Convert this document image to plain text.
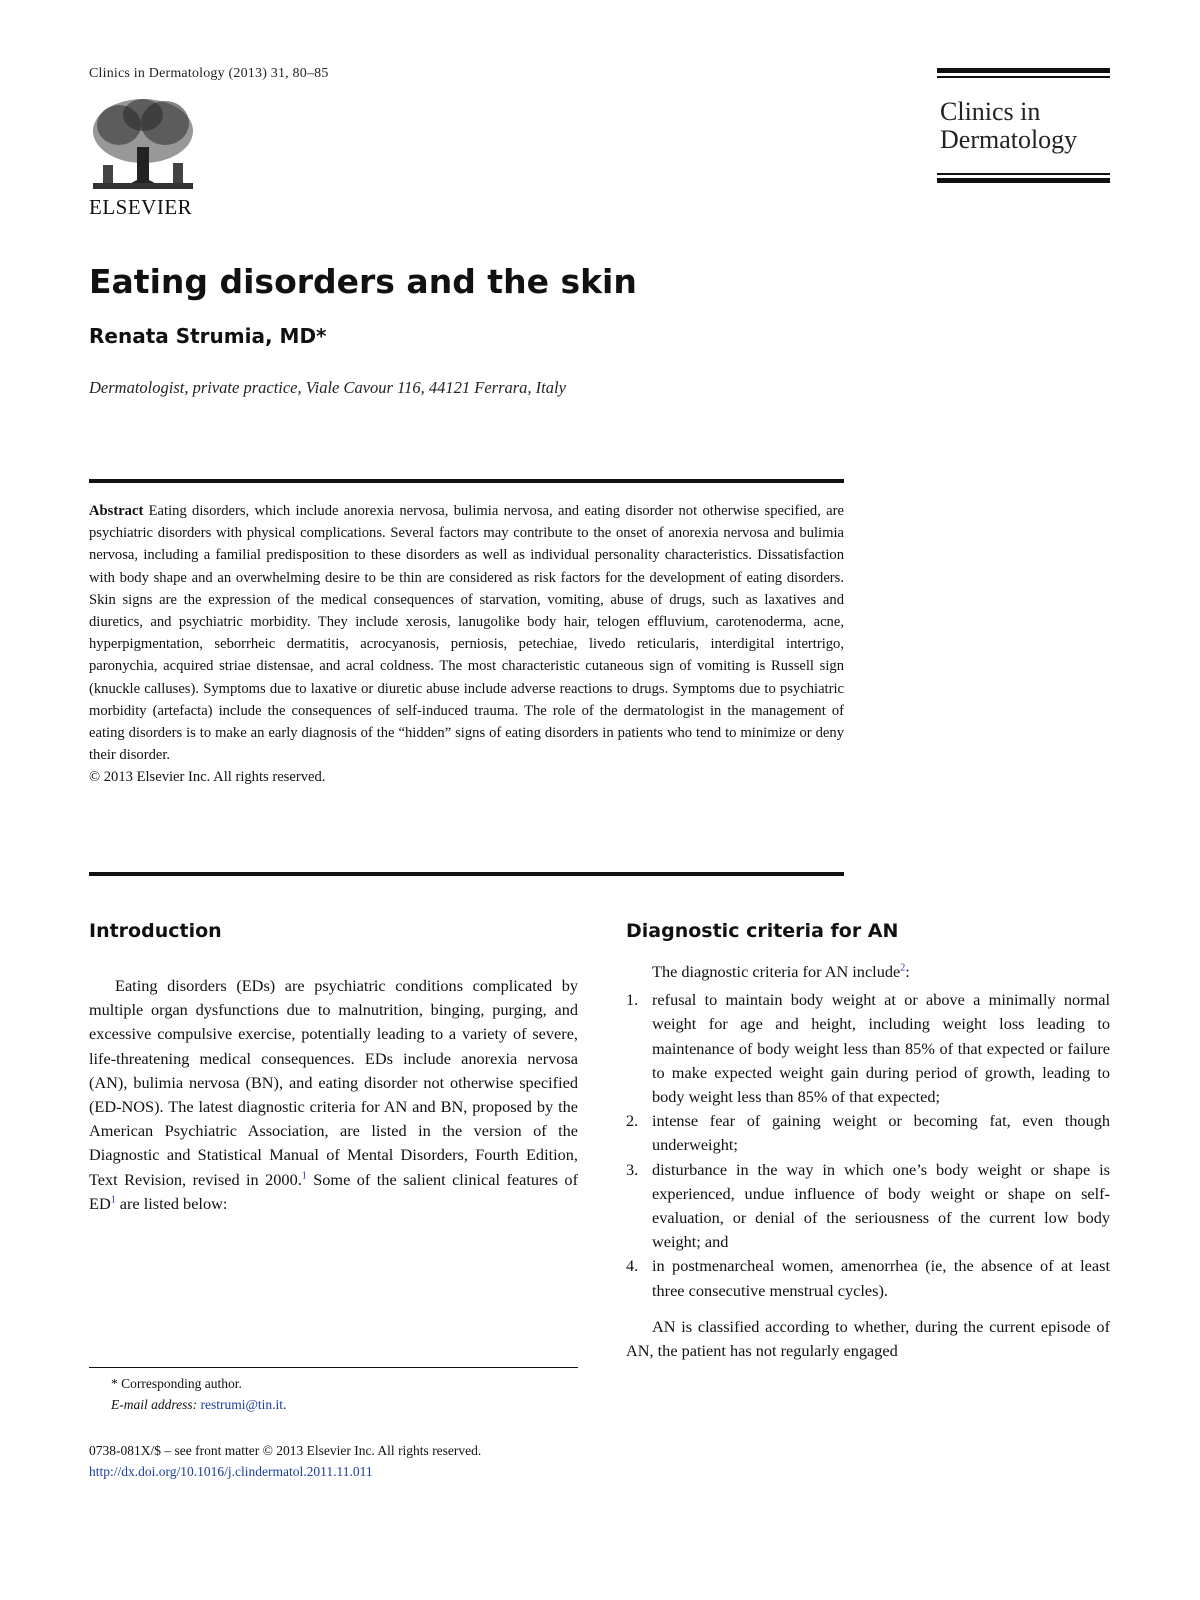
Clinics in Dermatology (2013) 31, 80–85
ELSEVIER
Clinics in
Dermatology
Eating disorders and the skin
Renata Strumia, MD*
Dermatologist, private practice, Viale Cavour 116, 44121 Ferrara, Italy
Abstract Eating disorders, which include anorexia nervosa, bulimia nervosa, and eating disorder not otherwise specified, are psychiatric disorders with physical complications. Several factors may contribute to the onset of anorexia nervosa and bulimia nervosa, including a familial predisposition to these disorders as well as individual personality characteristics. Dissatisfaction with body shape and an overwhelming desire to be thin are considered as risk factors for the development of eating disorders. Skin signs are the expression of the medical consequences of starvation, vomiting, abuse of drugs, such as laxatives and diuretics, and psychiatric morbidity. They include xerosis, lanugolike body hair, telogen effluvium, carotenoderma, acne, hyperpigmentation, seborrheic dermatitis, acrocyanosis, perniosis, petechiae, livedo reticularis, interdigital intertrigo, paronychia, acquired striae distensae, and acral coldness. The most characteristic cutaneous sign of vomiting is Russell sign (knuckle calluses). Symptoms due to laxative or diuretic abuse include adverse reactions to drugs. Symptoms due to psychiatric morbidity (artefacta) include the consequences of self-induced trauma. The role of the dermatologist in the management of eating disorders is to make an early diagnosis of the “hidden” signs of eating disorders in patients who tend to minimize or deny their disorder.
© 2013 Elsevier Inc. All rights reserved.
Introduction

Eating disorders (EDs) are psychiatric conditions complicated by multiple organ dysfunctions due to malnutrition, binging, purging, and excessive compulsive exercise, potentially leading to a variety of severe, life-threatening medical consequences. EDs include anorexia nervosa (AN), bulimia nervosa (BN), and eating disorder not otherwise specified (ED-NOS). The latest diagnostic criteria for AN and BN, proposed by the American Psychiatric Association, are listed in the version of the Diagnostic and Statistical Manual of Mental Disorders, Fourth Edition, Text Revision, revised in 2000.$^1$ Some of the salient clinical features of $ED^1$ are listed below:

Diagnostic criteria for AN

The diagnostic criteria for AN include$^2$:

1. refusal to maintain body weight at or above a minimally normal weight for age and height, including weight loss leading to maintenance of body weight less than 85% of that expected or failure to make expected weight gain during period of growth, leading to body weight less than 85% of that expected;
2. intense fear of gaining weight or becoming fat, even though underweight;
3. disturbance in the way in which one’s body weight or shape is experienced, undue influence of body weight or shape on self-evaluation, or denial of the seriousness of the current low body weight; and
4. in postmenarcheal women, amenorrhea (ie, the absence of at least three consecutive menstrual cycles).

AN is classified according to whether, during the current episode of AN, the patient has not regularly engaged

* Corresponding author.
E-mail address: restrumi@tin.it.
0738-081X/$ – see front matter © 2013 Elsevier Inc. All rights reserved.
http://dx.doi.org/10.1016/j.clindermatol.2011.11.011
